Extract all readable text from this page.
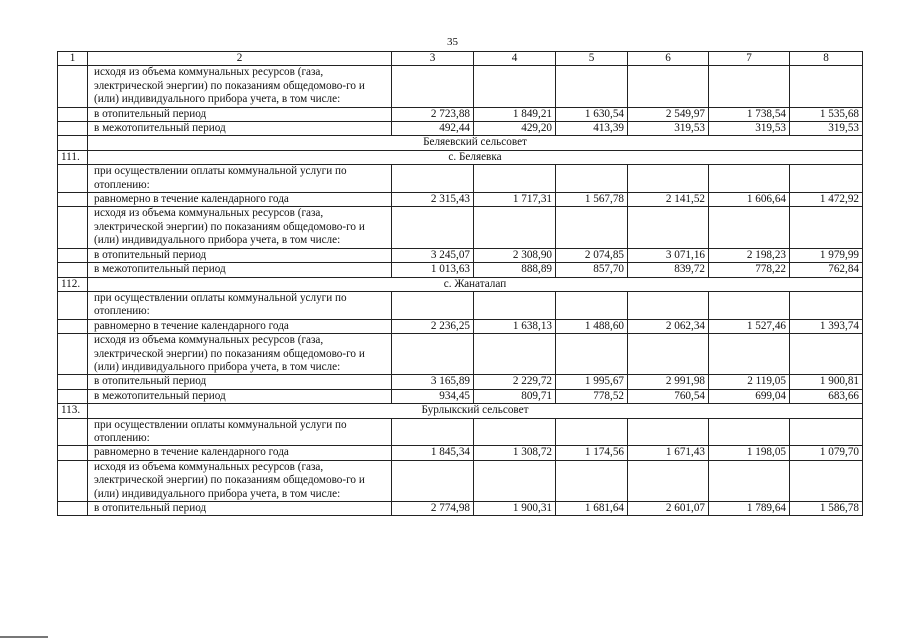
35
1	2	3	4	5	6	7	8
	исходя из объема коммунальных ресурсов (газа, электрической энергии) по показаниям общедомово-го и (или) индивидуального прибора учета, в том числе:						
	в отопительный период	2 723,88	1 849,21	1 630,54	2 549,97	1 738,54	1 535,68
	в межотопительный период	492,44	429,20	413,39	319,53	319,53	319,53
	Беляевский сельсовет						
111.	с. Беляевка						
	при осуществлении оплаты коммунальной услуги по отоплению:						
	равномерно в течение календарного года	2 315,43	1 717,31	1 567,78	2 141,52	1 606,64	1 472,92
	исходя из объема коммунальных ресурсов (газа, электрической энергии) по показаниям общедомово-го и (или) индивидуального прибора учета, в том числе:						
	в отопительный период	3 245,07	2 308,90	2 074,85	3 071,16	2 198,23	1 979,99
	в межотопительный период	1 013,63	888,89	857,70	839,72	778,22	762,84
112.	с. Жанаталап						
	при осуществлении оплаты коммунальной услуги по отоплению:						
	равномерно в течение календарного года	2 236,25	1 638,13	1 488,60	2 062,34	1 527,46	1 393,74
	исходя из объема коммунальных ресурсов (газа, электрической энергии) по показаниям общедомово-го и (или) индивидуального прибора учета, в том числе:						
	в отопительный период	3 165,89	2 229,72	1 995,67	2 991,98	2 119,05	1 900,81
	в межотопительный период	934,45	809,71	778,52	760,54	699,04	683,66
113.	Бурлыкский сельсовет						
	при осуществлении оплаты коммунальной услуги по отоплению:						
	равномерно в течение календарного года	1 845,34	1 308,72	1 174,56	1 671,43	1 198,05	1 079,70
	исходя из объема коммунальных ресурсов (газа, электрической энергии) по показаниям общедомово-го и (или) индивидуального прибора учета, в том числе:						
	в отопительный период	2 774,98	1 900,31	1 681,64	2 601,07	1 789,64	1 586,78
